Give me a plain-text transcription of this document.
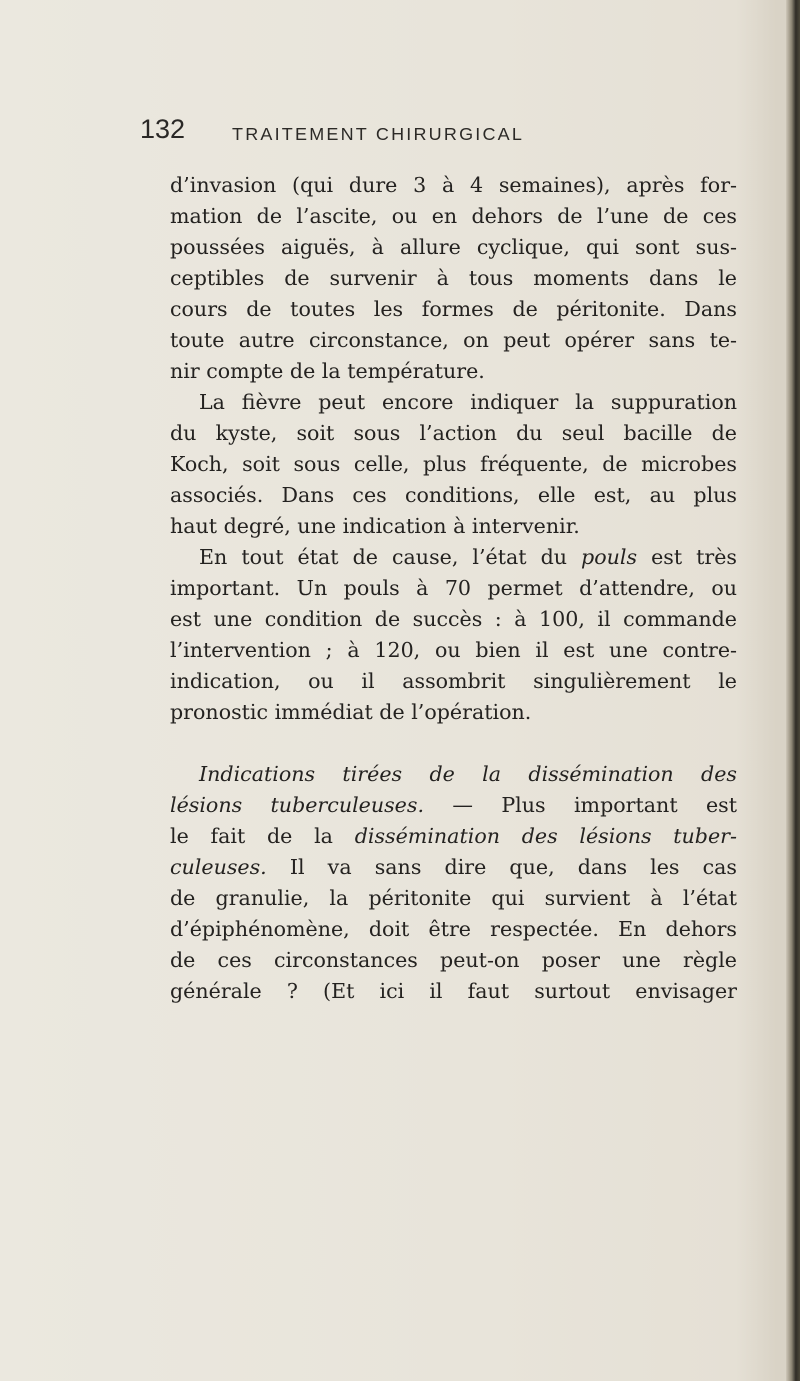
132	TRAITEMENT CHIRURGICAL
d’invasion (qui dure 3 à 4 semaines), après for-
mation de l’ascite, ou en dehors de l’une de ces
poussées aiguës, à allure cyclique, qui sont sus-
ceptibles de survenir à tous moments dans le
cours de toutes les formes de péritonite. Dans
toute autre circonstance, on peut opérer sans te-
nir compte de la température.
La fièvre peut encore indiquer la suppuration
du kyste, soit sous l’action du seul bacille de
Koch, soit sous celle, plus fréquente, de microbes
associés. Dans ces conditions, elle est, au plus
haut degré, une indication à intervenir.
En tout état de cause, l’état du pouls est très
important. Un pouls à 70 permet d’attendre, ou
est une condition de succès : à 100, il commande
l’intervention ; à 120, ou bien il est une contre-
indication, ou il assombrit singulièrement le
pronostic immédiat de l’opération.
Indications tirées de la dissémination des
lésions tuberculeuses. — Plus important est
le fait de la dissémination des lésions tuber-
culeuses. Il va sans dire que, dans les cas
de granulie, la péritonite qui survient à l’état
d’épiphénomène, doit être respectée. En dehors
de ces circonstances peut-on poser une règle
générale ? (Et ici il faut surtout envisager
